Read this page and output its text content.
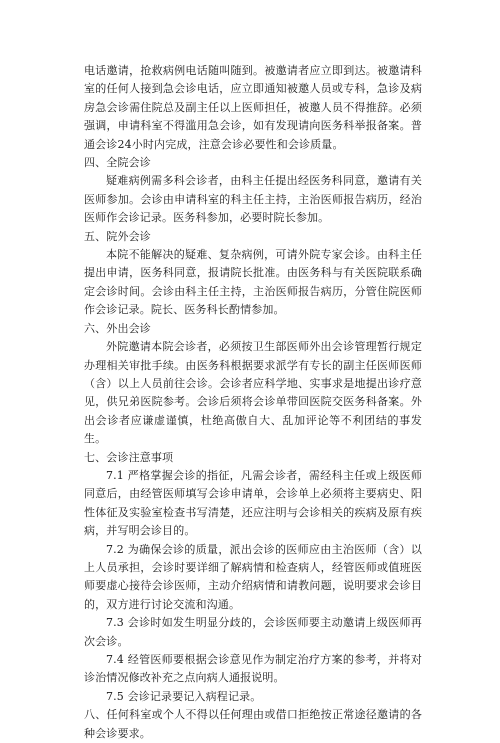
电话邀请，抢救病例电话随叫随到。被邀请者应立即到达。被邀请科室的任何人接到急会诊电话，应立即通知被邀人员或专科，急诊及病房急会诊需住院总及副主任以上医师担任，被邀人员不得推辞。必须强调，申请科室不得滥用急会诊，如有发现请向医务科举报备案。普通会诊24小时内完成，注意会诊必要性和会诊质量。

四、全院会诊

疑难病例需多科会诊者，由科主任提出经医务科同意，邀请有关医师参加。会诊由申请科室的科主任主持，主治医师报告病历，经治医师作会诊记录。医务科参加，必要时院长参加。

五、院外会诊

本院不能解决的疑难、复杂病例，可请外院专家会诊。由科主任提出申请，医务科同意，报请院长批准。由医务科与有关医院联系确定会诊时间。会诊由科主任主持，主治医师报告病历，分管住院医师作会诊记录。院长、医务科长酌情参加。

六、外出会诊

外院邀请本院会诊者，必须按卫生部医师外出会诊管理暂行规定办理相关审批手续。由医务科根据要求派学有专长的副主任医师医师（含）以上人员前往会诊。会诊者应科学地、实事求是地提出诊疗意见，供兄弟医院参考。会诊后须将会诊单带回医院交医务科备案。外出会诊者应谦虚谨慎，杜绝高傲自大、乱加评论等不利团结的事发生。

七、会诊注意事项

7.1 严格掌握会诊的指征，凡需会诊者，需经科主任或上级医师同意后，由经管医师填写会诊申请单，会诊单上必须将主要病史、阳性体征及实验室检查书写清楚，还应注明与会诊相关的疾病及原有疾病，并写明会诊目的。

7.2 为确保会诊的质量，派出会诊的医师应由主治医师（含）以上人员承担，会诊时要详细了解病情和检查病人，经管医师或值班医师要虚心接待会诊医师，主动介绍病情和请教问题，说明要求会诊目的，双方进行讨论交流和沟通。

7.3 会诊时如发生明显分歧的，会诊医师要主动邀请上级医师再次会诊。

7.4 经管医师要根据会诊意见作为制定治疗方案的参考，并将对诊治情况修改补充之点向病人通报说明。

7.5 会诊记录要记入病程记录。

八、任何科室或个人不得以任何理由或借口拒绝按正常途径邀请的各种会诊要求。
